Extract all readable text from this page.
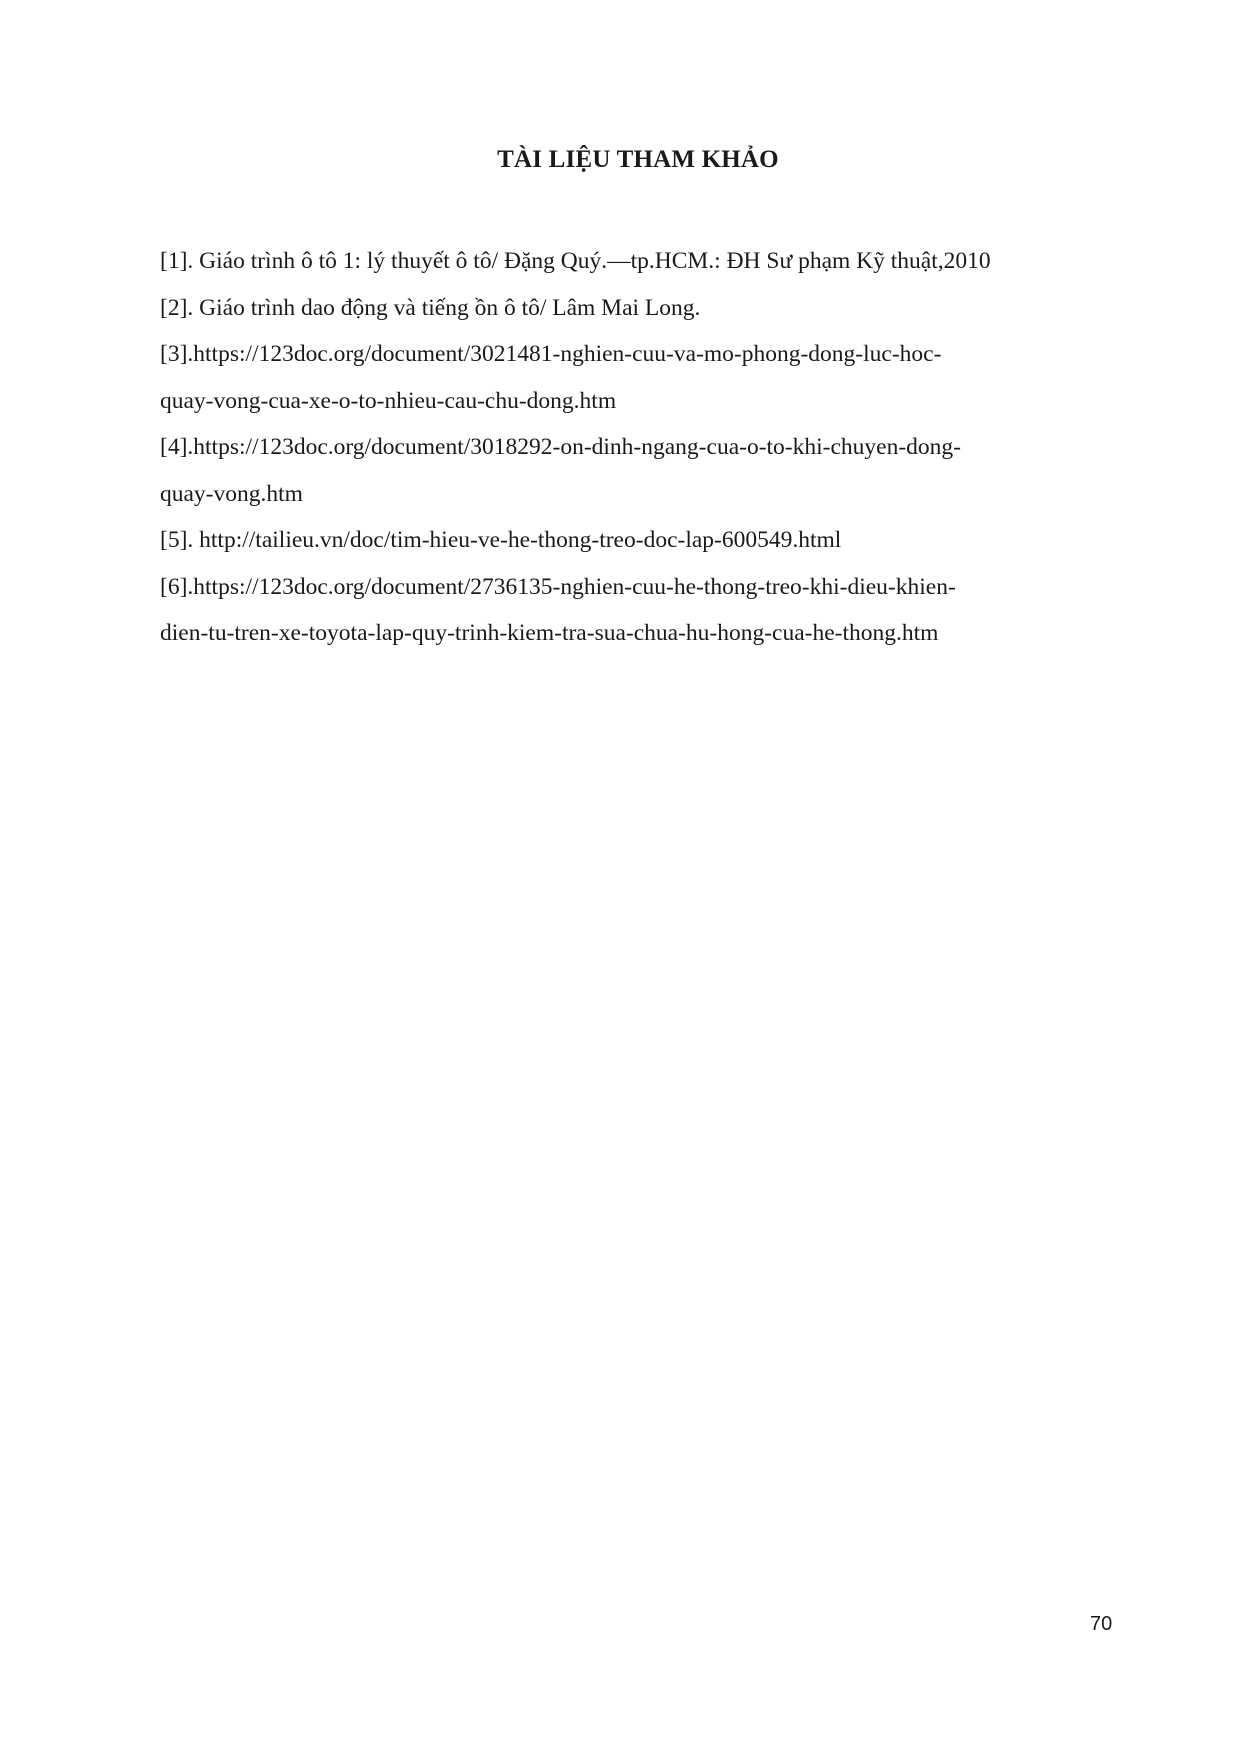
TÀI LIỆU THAM KHẢO
[1]. Giáo trình ô tô 1: lý thuyết ô tô/ Đặng Quý.—tp.HCM.: ĐH Sư phạm Kỹ thuật,2010
[2]. Giáo trình dao động và tiếng ồn ô tô/ Lâm Mai Long.
[3].https://123doc.org/document/3021481-nghien-cuu-va-mo-phong-dong-luc-hoc-
quay-vong-cua-xe-o-to-nhieu-cau-chu-dong.htm
[4].https://123doc.org/document/3018292-on-dinh-ngang-cua-o-to-khi-chuyen-dong-
quay-vong.htm
[5]. http://tailieu.vn/doc/tim-hieu-ve-he-thong-treo-doc-lap-600549.html
[6].https://123doc.org/document/2736135-nghien-cuu-he-thong-treo-khi-dieu-khien-
dien-tu-tren-xe-toyota-lap-quy-trinh-kiem-tra-sua-chua-hu-hong-cua-he-thong.htm

70
